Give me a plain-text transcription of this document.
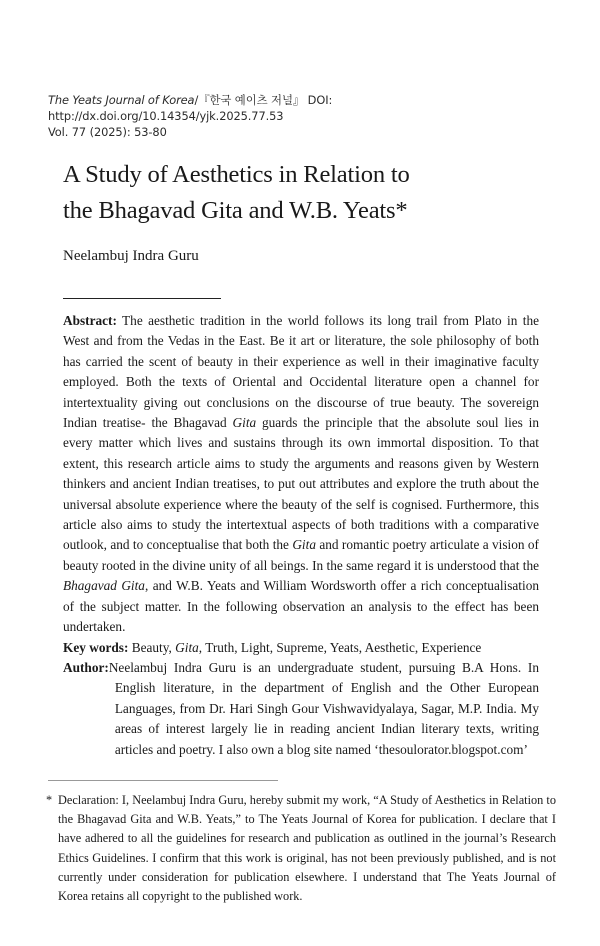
The Yeats Journal of Korea/『한국 예이츠 저널』 DOI: http://dx.doi.org/10.14354/yjk.2025.77.53
Vol. 77 (2025): 53-80
A Study of Aesthetics in Relation to
the Bhagavad Gita and W.B. Yeats*
Neelambuj Indra Guru

Abstract: The aesthetic tradition in the world follows its long trail from Plato in the West and from the Vedas in the East. Be it art or literature, the sole philosophy of both has carried the scent of beauty in their experience as well in their imaginative faculty employed. Both the texts of Oriental and Occidental literature open a channel for intertextuality giving out conclusions on the discourse of true beauty. The sovereign Indian treatise- the Bhagavad Gita guards the principle that the absolute soul lies in every matter which lives and sustains through its own immortal disposition. To that extent, this research article aims to study the arguments and reasons given by Western thinkers and ancient Indian treatises, to put out attributes and explore the truth about the universal absolute experience where the beauty of the self is cognised. Furthermore, this article also aims to study the intertextual aspects of both traditions with a comparative outlook, and to conceptualise that both the Gita and romantic poetry articulate a vision of beauty rooted in the divine unity of all beings. In the same regard it is understood that the Bhagavad Gita, and W.B. Yeats and William Wordsworth offer a rich conceptualisation of the subject matter. In the following observation an analysis to the effect has been undertaken.

Key words: Beauty, Gita, Truth, Light, Supreme, Yeats, Aesthetic, Experience

Author: Neelambuj Indra Guru is an undergraduate student, pursuing B.A Hons. In English literature, in the department of English and the Other European Languages, from Dr. Hari Singh Gour Vishwavidyalaya, Sagar, M.P. India. My areas of interest largely lie in reading ancient Indian literary texts, writing articles and poetry. I also own a blog site named ‘thesoulorator.blogspot.com’
* Declaration: I, Neelambuj Indra Guru, hereby submit my work, “A Study of Aesthetics in Relation to the Bhagavad Gita and W.B. Yeats,” to The Yeats Journal of Korea for publication. I declare that I have adhered to all the guidelines for research and publication as outlined in the journal’s Research Ethics Guidelines. I confirm that this work is original, has not been previously published, and is not currently under consideration for publication elsewhere. I understand that The Yeats Journal of Korea retains all copyright to the published work.
